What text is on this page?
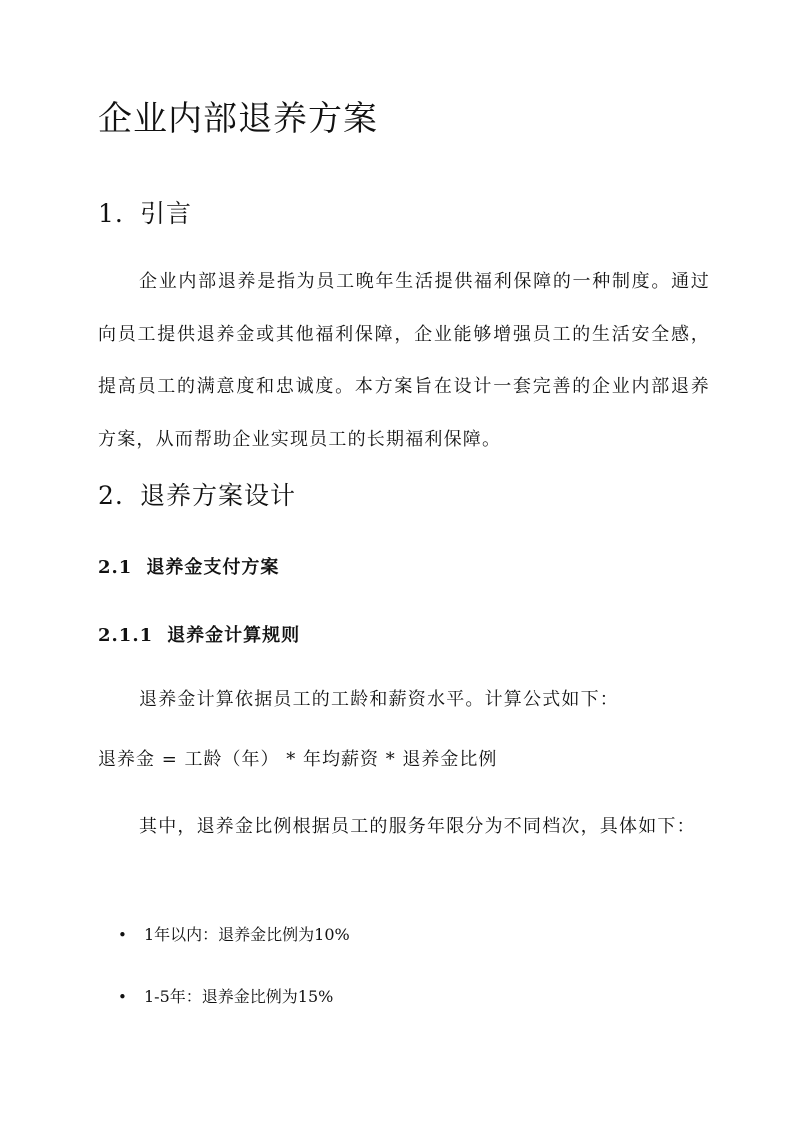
企业内部退养方案
1. 引言
企业内部退养是指为员工晚年生活提供福利保障的一种制度。通过向员工提供退养金或其他福利保障，企业能够增强员工的生活安全感，提高员工的满意度和忠诚度。本方案旨在设计一套完善的企业内部退养方案，从而帮助企业实现员工的长期福利保障。
2. 退养方案设计
2.1 退养金支付方案
2.1.1 退养金计算规则
退养金计算依据员工的工龄和薪资水平。计算公式如下：
退养金 = 工龄（年） * 年均薪资 * 退养金比例
其中，退养金比例根据员工的服务年限分为不同档次，具体如下：
• 1年以内：退养金比例为10%
• 1-5年：退养金比例为15%
